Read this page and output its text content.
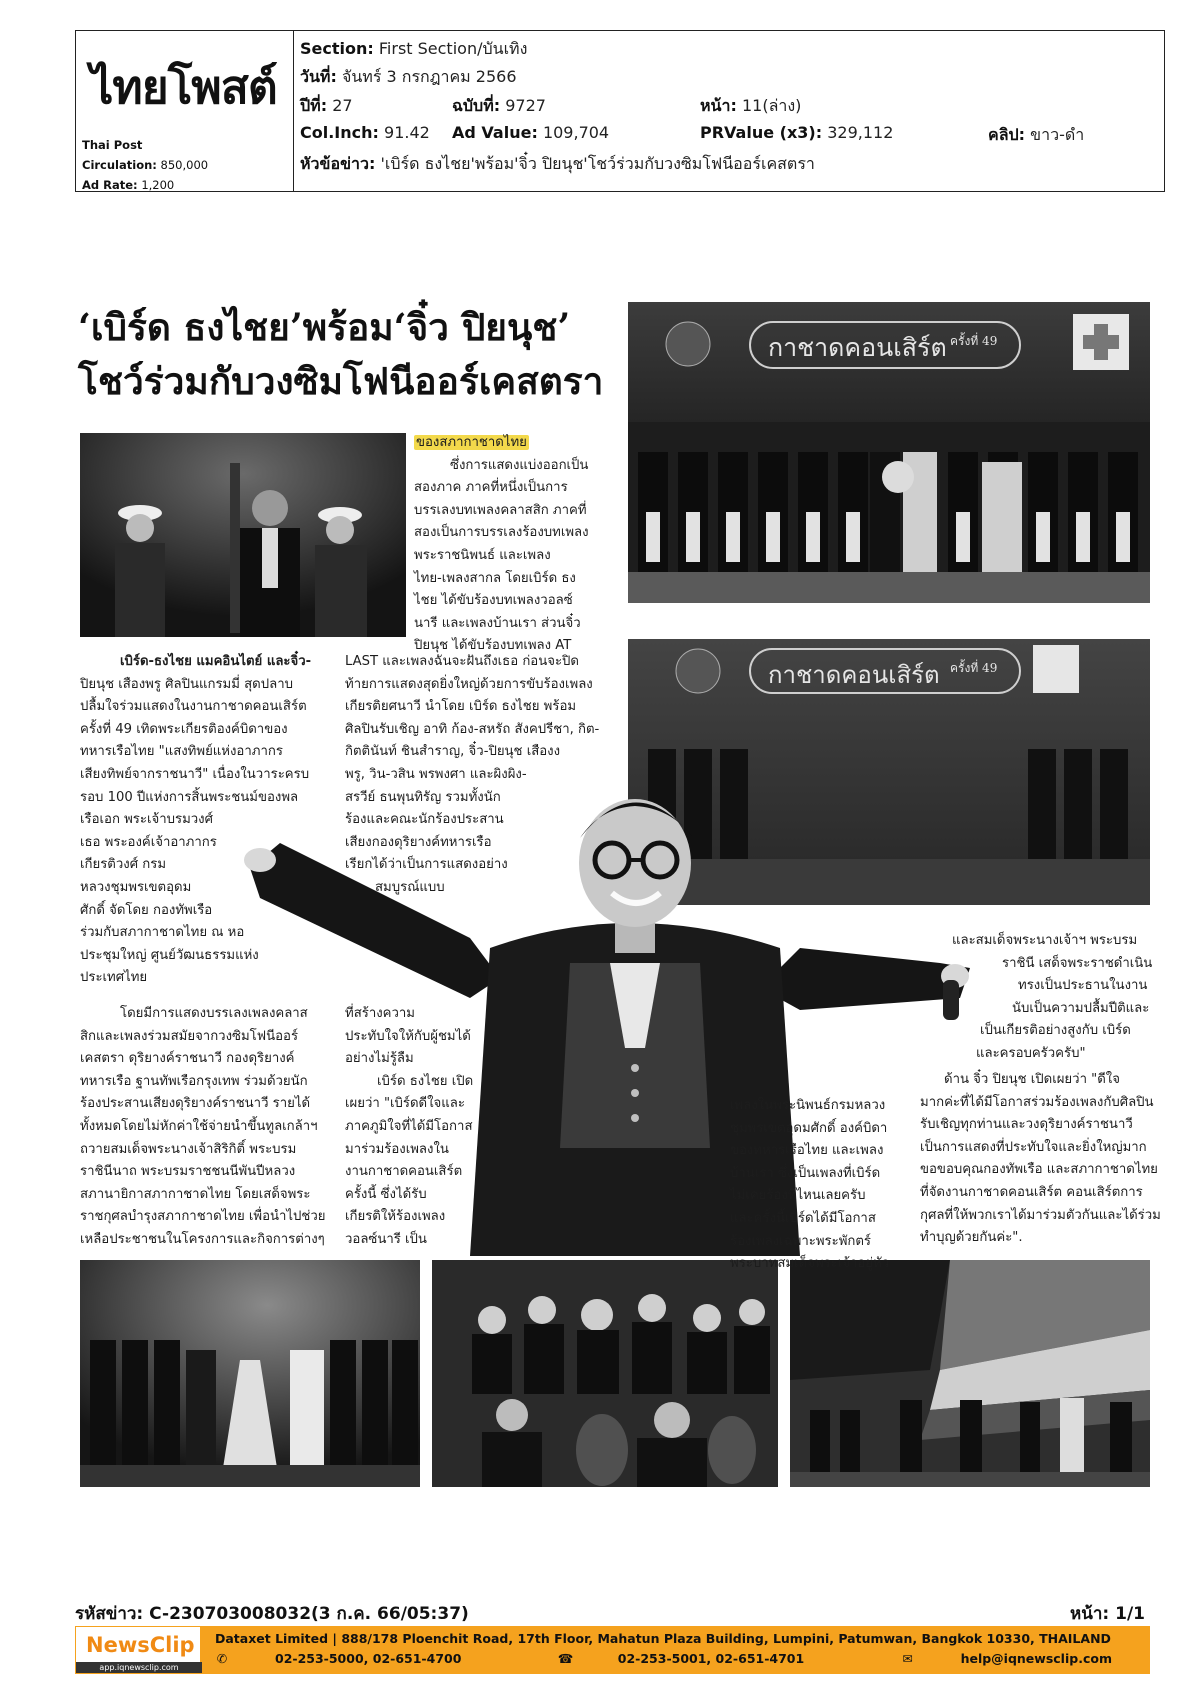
ไทยโพสต์
Thai Post
Circulation: 850,000
Ad Rate: 1,200
Section: First Section/บันเทิง
วันที่: จันทร์ 3 กรกฎาคม 2566
ปีที่: 27	ฉบับที่: 9727	หน้า: 11(ล่าง)
Col.Inch: 91.42 Ad Value: 109,704	PRValue (x3): 329,112	คลิป: ขาว-ดำ
หัวข้อข่าว: 'เบิร์ด ธงไชย'พร้อม'จิ๋ว ปิยนุช'โชว์ร่วมกับวงซิมโฟนีออร์เคสตรา
‘เบิร์ด ธงไชย’พร้อม‘จิ๋ว ปิยนุช’
โชว์ร่วมกับวงซิมโฟนีออร์เคสตรา
กาชาดคอนเสิร์ต ครั้งที่ 49
กาชาดคอนเสิร์ต ครั้งที่ 49

ของสภากาชาดไทย

ซึ่งการแสดงแบ่งออกเป็น

สองภาค ภาคที่หนึ่งเป็นการ

บรรเลงบทเพลงคลาสสิก ภาคที่

สองเป็นการบรรเลงร้องบทเพลง

พระราชนิพนธ์ และเพลง

ไทย-เพลงสากล โดยเบิร์ด ธง

ไชย ได้ขับร้องบทเพลงวอลซ์

นารี และเพลงบ้านเรา ส่วนจิ๋ว

ปิยนุช ได้ขับร้องบทเพลง AT

เบิร์ด-ธงไชย แมคอินไตย์ และจิ๋ว-

ปิยนุช เสืองพรู ศิลปินแกรมมี่ สุดปลาบ

ปลื้มใจร่วมแสดงในงานกาชาดคอนเสิร์ต

ครั้งที่ 49 เทิดพระเกียรติองค์บิดาของ

ทหารเรือไทย "แสงทิพย์แห่งอาภากร

เสียงทิพย์จากราชนาวี" เนื่องในวาระครบ

รอบ 100 ปีแห่งการสิ้นพระชนม์ของพล

เรือเอก พระเจ้าบรมวงศ์

เธอ พระองค์เจ้าอาภากร

เกียรติวงศ์ กรม

หลวงชุมพรเขตอุดม

ศักดิ์ จัดโดย กองทัพเรือ

ร่วมกับสภากาชาดไทย ณ หอ

ประชุมใหญ่ ศูนย์วัฒนธรรมแห่ง

ประเทศไทย

โดยมีการแสดงบรรเลงเพลงคลาส

สิกและเพลงร่วมสมัยจากวงซิมโฟนีออร์

เคสตรา ดุริยางค์ราชนาวี กองดุริยางค์

ทหารเรือ ฐานทัพเรือกรุงเทพ ร่วมด้วยนัก

ร้องประสานเสียงดุริยางค์ราชนาวี รายได้

ทั้งหมดโดยไม่หักค่าใช้จ่ายนำขึ้นทูลเกล้าฯ

ถวายสมเด็จพระนางเจ้าสิริกิติ์ พระบรม

ราชินีนาถ พระบรมราชชนนีพันปีหลวง

สภานายิกาสภากาชาดไทย โดยเสด็จพระ

ราชกุศลบำรุงสภากาชาดไทย เพื่อนำไปช่วย

เหลือประชาชนในโครงการและกิจการต่างๆ

LAST และเพลงฉันจะฝันถึงเธอ ก่อนจะปิด

ท้ายการแสดงสุดยิ่งใหญ่ด้วยการขับร้องเพลง

เกียรติยศนาวี นำโดย เบิร์ด ธงไชย พร้อม

ศิลปินรับเชิญ อาทิ ก้อง-สหรัถ สังคปรีชา, กิต-

กิตตินันท์ ชินสำราญ, จิ๋ว-ปิยนุช เสืองง

พรู, วิน-วสิน พรพงศา และผิงผิง-

สรวีย์ ธนพุนทิรัญ รวมทั้งนัก

ร้องและคณะนักร้องประสาน

เสียงกองดุริยางค์ทหารเรือ

เรียกได้ว่าเป็นการแสดงอย่าง

สมบูรณ์แบบ

ที่สร้างความ

ประทับใจให้กับผู้ชมได้

อย่างไม่รู้ลืม

เบิร์ด ธงไชย เปิด

เผยว่า "เบิร์ดดีใจและ

ภาคภูมิใจที่ได้มีโอกาส

มาร่วมร้องเพลงใน

งานกาชาดคอนเสิร์ต

ครั้งนี้ ซึ่งได้รับ

เกียรติให้ร้องเพลง

วอลซ์นารี เป็น

เพลงในพระนิพนธ์กรมหลวง

ชุมพรเขตอุดมศักดิ์ องค์บิดา

ของทหารเรือไทย และเพลง

บ้านเรา ซึ่งเป็นเพลงที่เบิร์ด

ไม่เคยร้องที่ไหนเลยครับ

และครั้งนี้เบิร์ดได้มีโอกาส

ร้องเพลงเฉพาะพระพักตร์

พระบาทสมเด็จพระเจ้าอยู่หัว

และสมเด็จพระนางเจ้าฯ พระบรม

ราชินี เสด็จพระราชดำเนิน

ทรงเป็นประธานในงาน

นับเป็นความปลื้มปีติและ

เป็นเกียรติอย่างสูงกับ เบิร์ด

และครอบครัวครับ"

ด้าน จิ๋ว ปิยนุช เปิดเผยว่า "ดีใจ

มากค่ะที่ได้มีโอกาสร่วมร้องเพลงกับศิลปิน

รับเชิญทุกท่านและวงดุริยางค์ราชนาวี

เป็นการแสดงที่ประทับใจและยิ่งใหญ่มาก

ขอขอบคุณกองทัพเรือ และสภากาชาดไทย

ที่จัดงานกาชาดคอนเสิร์ต คอนเสิร์ตการ

กุศลที่ให้พวกเราได้มาร่วมตัวกันและได้ร่วม

ทำบุญด้วยกันค่ะ".

รหัสข่าว: C-230703008032(3 ก.ค. 66/05:37)	หน้า: 1/1
NewsClip
app.iqnewsclip.com
Dataxet Limited | 888/178 Ploenchit Road, 17th Floor, Mahatun Plaza Building, Lumpini, Patumwan, Bangkok 10330, THAILAND
✆	02-253-5000, 02-651-4700	☎	02-253-5001, 02-651-4701	✉	help@iqnewsclip.com
